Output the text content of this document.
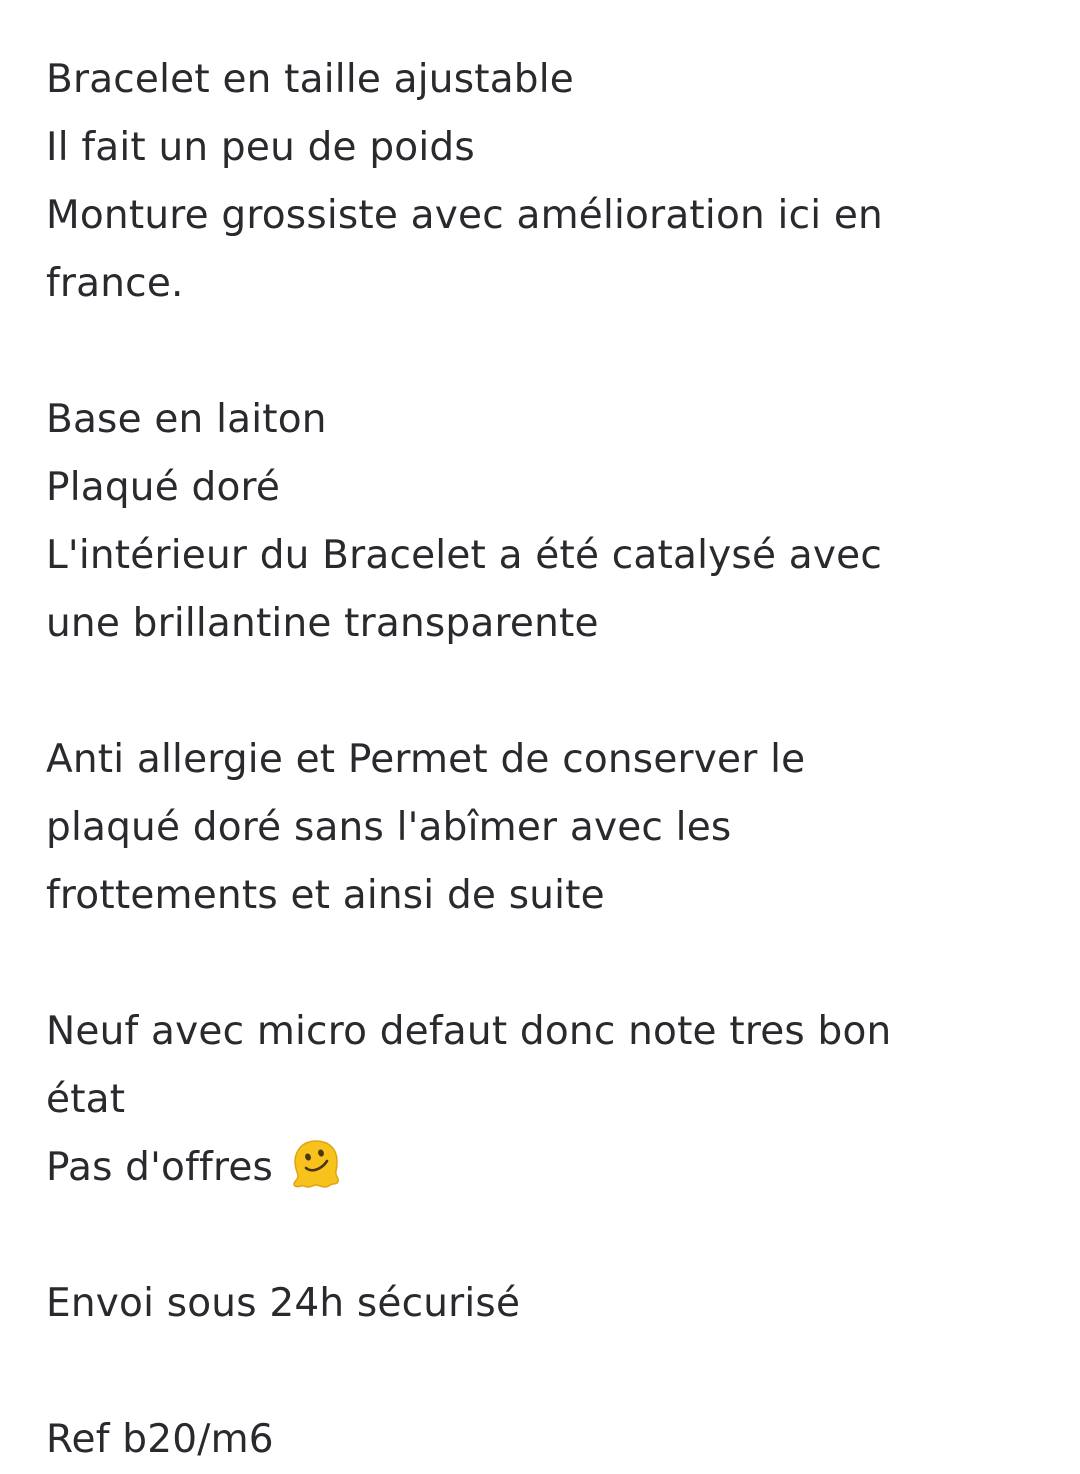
Bracelet en taille ajustable
Il fait un peu de poids
Monture grossiste avec amélioration ici en
france.
Base en laiton
Plaqué doré
L'intérieur du Bracelet a été catalysé avec
une brillantine transparente
Anti allergie et Permet de conserver le
plaqué doré sans l'abîmer avec les
frottements et ainsi de suite
Neuf avec micro defaut donc note tres bon
état
Pas d'offres
Envoi sous 24h sécurisé
Ref b20/m6
